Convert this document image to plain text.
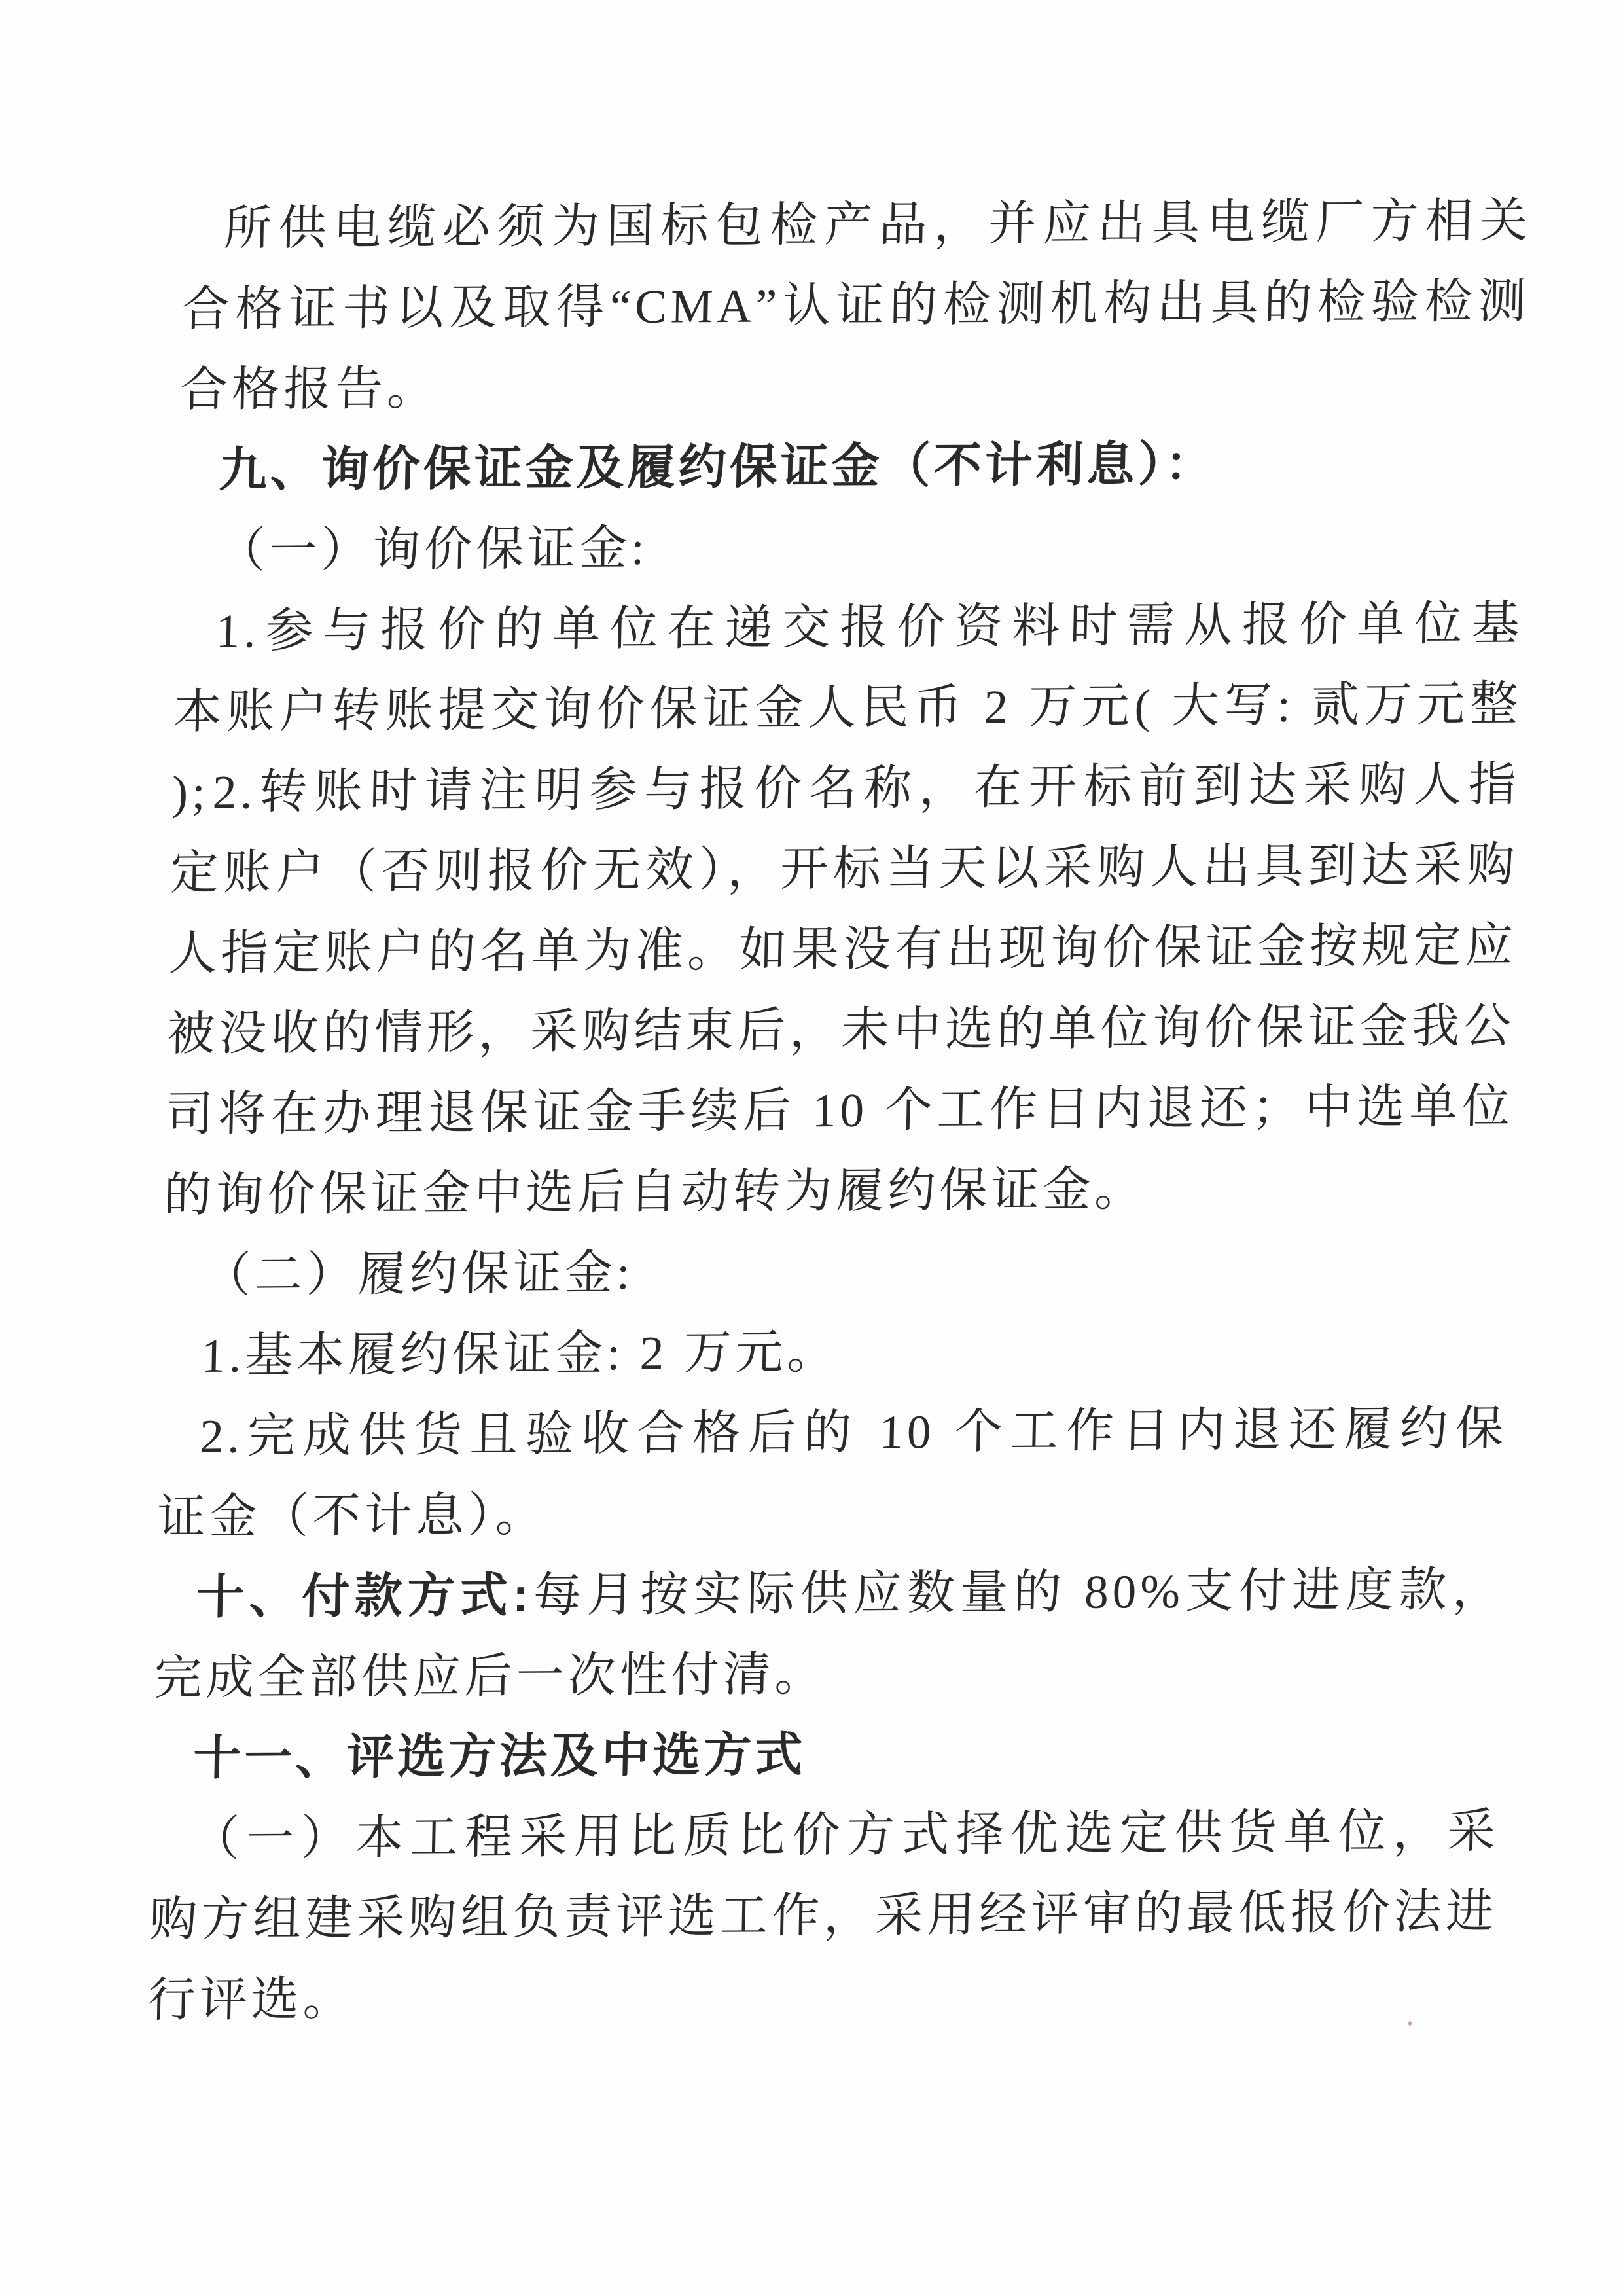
所供电缆必须为国标包检产品，并应出具电缆厂方相关
合格证书以及取得“CMA”认证的检测机构出具的检验检测
合格报告。
九、询价保证金及履约保证金（不计利息）：
（一）询价保证金:
1.参与报价的单位在递交报价资料时需从报价单位基
本账户转账提交询价保证金人民币 2 万元( 大写: 贰万元整 ); 2.转账时请注明参与报价名称，在开标前到达采购人指
定账户（否则报价无效），开标当天以采购人出具到达采购
人指定账户的名单为准。如果没有出现询价保证金按规定应
被没收的情形，采购结束后，未中选的单位询价保证金我公
司将在办理退保证金手续后 10 个工作日内退还；中选单位
的询价保证金中选后自动转为履约保证金。
（二）履约保证金:
1.基本履约保证金: 2 万元。
2.完成供货且验收合格后的 10 个工作日内退还履约保
证金（不计息）。
十、付款方式:每月按实际供应数量的 80%支付进度款，
完成全部供应后一次性付清。
十一、评选方法及中选方式
（一）本工程采用比质比价方式择优选定供货单位，采
购方组建采购组负责评选工作，采用经评审的最低报价法进
行评选。
